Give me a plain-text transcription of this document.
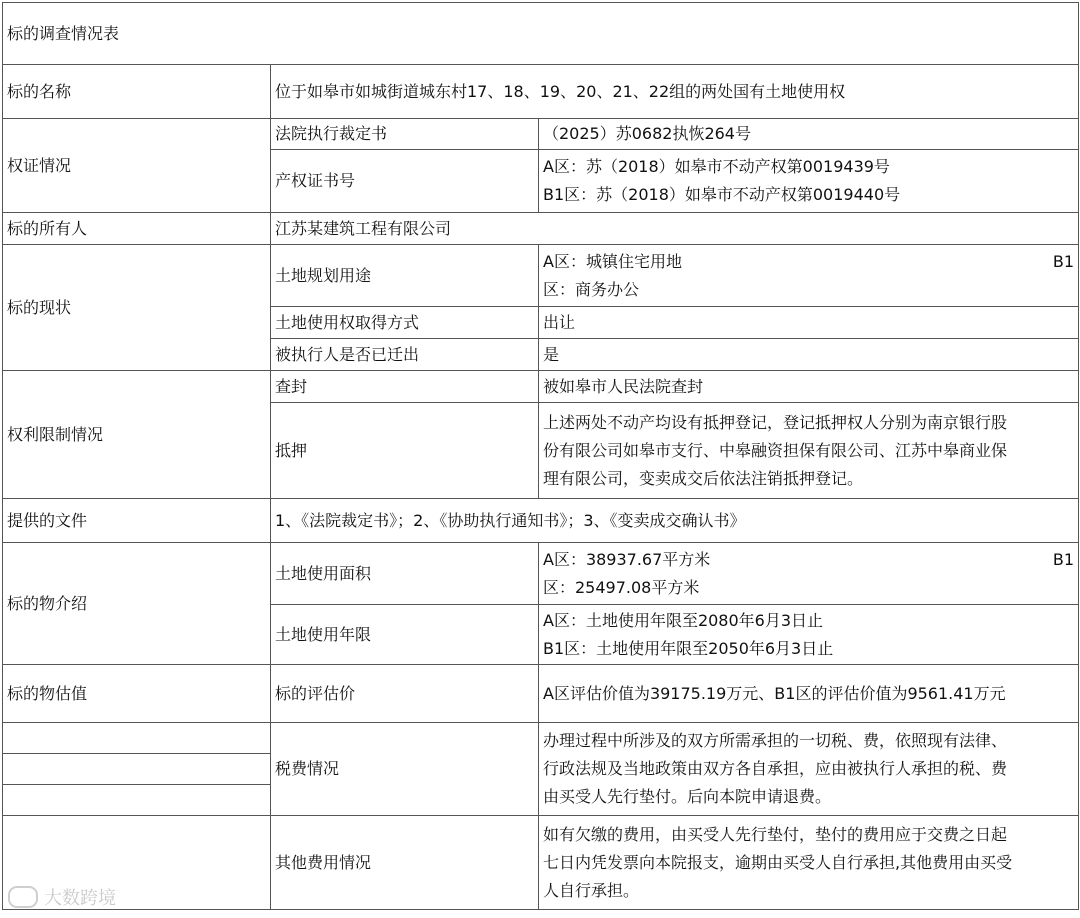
标的调查情况表		
标的名称	位于如皋市如城街道城东村17、18、19、20、21、22组的两处国有土地使用权	
权证情况	法院执行裁定书	（2025）苏0682执恢264号
	产权证书号	A区：苏（2018）如皋市不动产权第0019439号
B1区：苏（2018）如皋市不动产权第0019440号

标的所有人	江苏某建筑工程有限公司	
标的现状	土地规划用途	A区：城镇住宅用地 B1
区：商务办公

	土地使用权取得方式	出让
	被执行人是否已迁出	是
权利限制情况	查封	被如皋市人民法院查封
	抵押	上述两处不动产均设有抵押登记，登记抵押权人分别为南京银行股
份有限公司如皋市支行、中皋融资担保有限公司、江苏中皋商业保
理有限公司，变卖成交后依法注销抵押登记。

提供的文件	1、《法院裁定书》；2、《协助执行通知书》；3、《变卖成交确认书》	
标的物介绍	土地使用面积	A区：38937.67平方米 B1
区：25497.08平方米

	土地使用年限	A区：土地使用年限至2080年6月3日止
B1区：土地使用年限至2050年6月3日止

标的物估值	标的评估价	A区评估价值为39175.19万元、B1区的评估价值为9561.41万元
	税费情况	办理过程中所涉及的双方所需承担的一切税、费，依照现有法律、
行政法规及当地政策由双方各自承担，应由被执行人承担的税、费
由买受人先行垫付。后向本院申请退费。

	其他费用情况	如有欠缴的费用，由买受人先行垫付，垫付的费用应于交费之日起
七日内凭发票向本院报支，逾期由买受人自行承担,其他费用由买受
人自行承担。
大数跨境
